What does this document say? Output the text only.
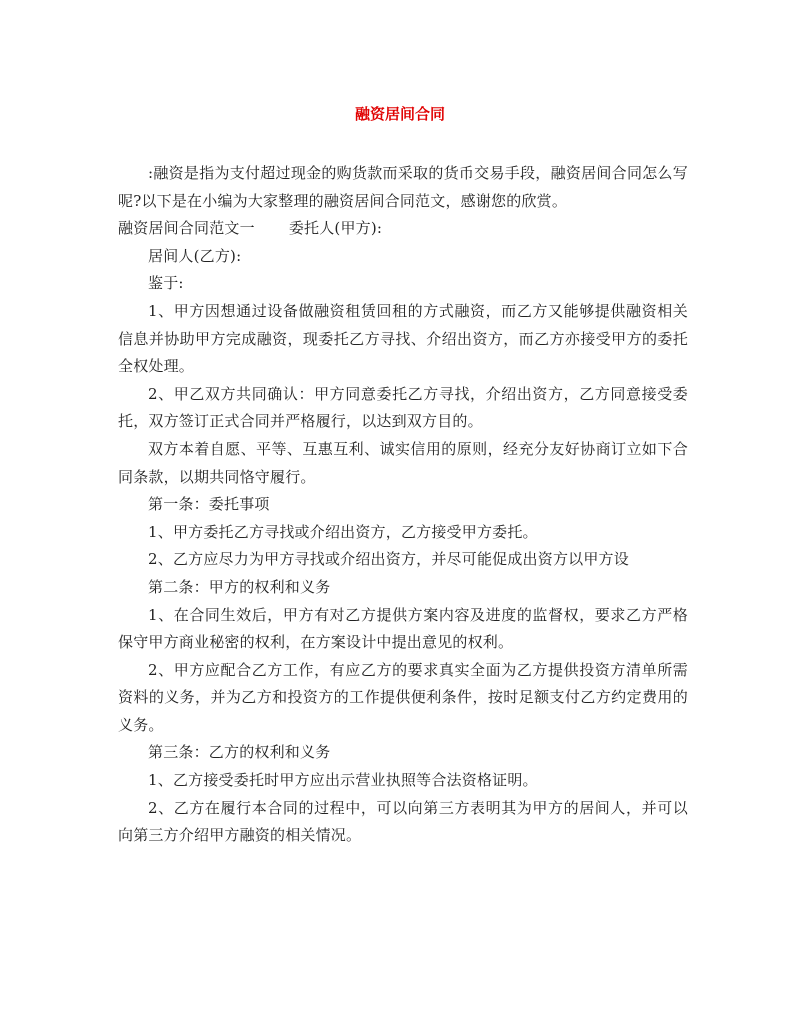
融资居间合同

:融资是指为支付超过现金的购货款而采取的货币交易手段，融资居间合同怎么写呢?以下是在小编为大家整理的融资居间合同范文，感谢您的欣赏。

融资居间合同范文一 委托人(甲方):

居间人(乙方):

鉴于:

1、甲方因想通过设备做融资租赁回租的方式融资，而乙方又能够提供融资相关信息并协助甲方完成融资，现委托乙方寻找、介绍出资方，而乙方亦接受甲方的委托全权处理。

2、甲乙双方共同确认：甲方同意委托乙方寻找，介绍出资方，乙方同意接受委托，双方签订正式合同并严格履行，以达到双方目的。

双方本着自愿、平等、互惠互利、诚实信用的原则，经充分友好协商订立如下合同条款，以期共同恪守履行。

第一条：委托事项

1、甲方委托乙方寻找或介绍出资方，乙方接受甲方委托。

2、乙方应尽力为甲方寻找或介绍出资方，并尽可能促成出资方以甲方设

第二条：甲方的权利和义务

1、在合同生效后，甲方有对乙方提供方案内容及进度的监督权，要求乙方严格保守甲方商业秘密的权利，在方案设计中提出意见的权利。

2、甲方应配合乙方工作，有应乙方的要求真实全面为乙方提供投资方清单所需资料的义务，并为乙方和投资方的工作提供便利条件，按时足额支付乙方约定费用的义务。

第三条：乙方的权利和义务

1、乙方接受委托时甲方应出示营业执照等合法资格证明。

2、乙方在履行本合同的过程中，可以向第三方表明其为甲方的居间人，并可以向第三方介绍甲方融资的相关情况。
